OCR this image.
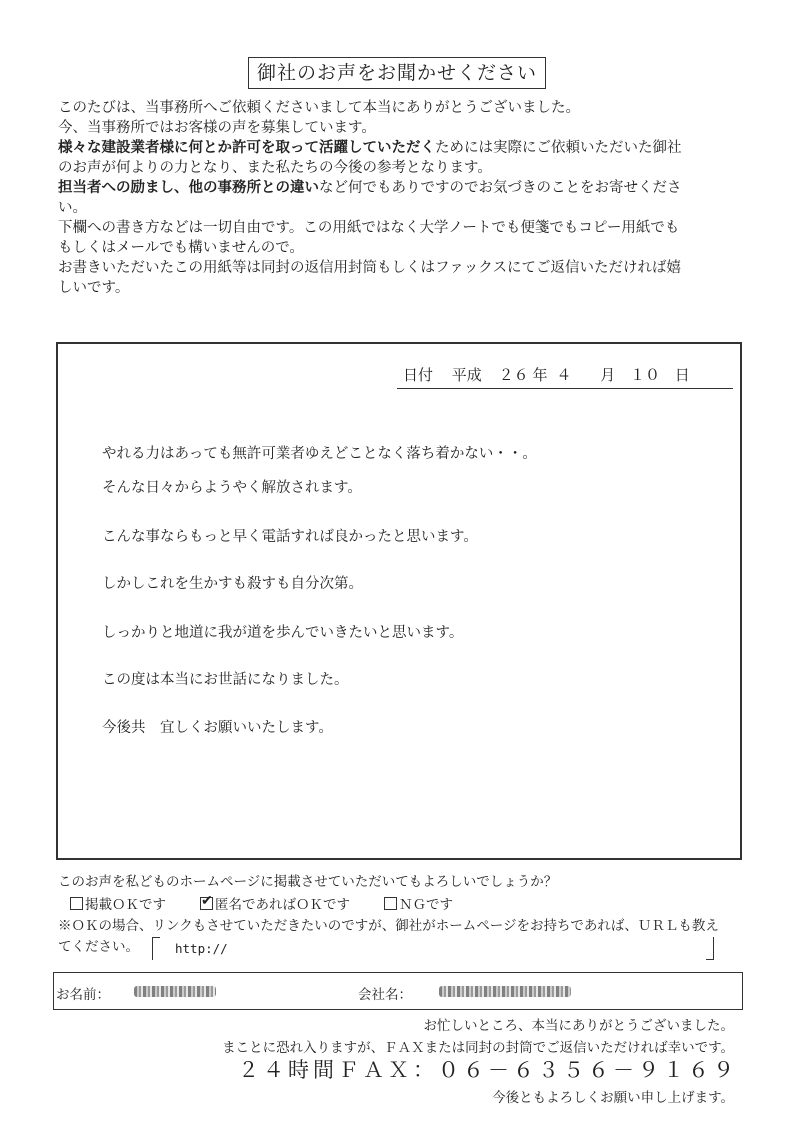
御社のお声をお聞かせください

このたびは、当事務所へご依頼くださいまして本当にありがとうございました。

今、当事務所ではお客様の声を募集しています。

様々な建設業者様に何とか許可を取って活躍していただくためには実際にご依頼いただいた御社

のお声が何よりの力となり、また私たちの今後の参考となります。

担当者への励まし、他の事務所との違いなど何でもありですのでお気づきのことをお寄せくださ

い。

下欄への書き方などは一切自由です。この用紙ではなく大学ノートでも便箋でもコピー用紙でも

もしくはメールでも構いませんので。

お書きいただいたこの用紙等は同封の返信用封筒もしくはファックスにてご返信いただければ嬉

しいです。

日付 平成 ２６ 年 ４ 月 １０ 日
やれる力はあっても無許可業者ゆえどことなく落ち着かない・・。
そんな日々からようやく解放されます。
こんな事ならもっと早く電話すれば良かったと思います。
しかしこれを生かすも殺すも自分次第。
しっかりと地道に我が道を歩んでいきたいと思います。
この度は本当にお世話になりました。
今後共　宜しくお願いいたします。
このお声を私どものホームページに掲載させていただいてもよろしいでしょうか？
掲載ＯＫです	✔ 匿名であればＯＫです	ＮＧです
※ＯＫの場合、リンクもさせていただきたいのですが、御社がホームページをお持ちであれば、ＵＲＬも教え
てください。	http://
お名前：	会社名：
お忙しいところ、本当にありがとうございました。
まことに恐れ入りますが、ＦＡＸまたは同封の封筒でご返信いただければ幸いです。
２４時間ＦＡＸ：０６－６３５６－９１６９
今後ともよろしくお願い申し上げます。
